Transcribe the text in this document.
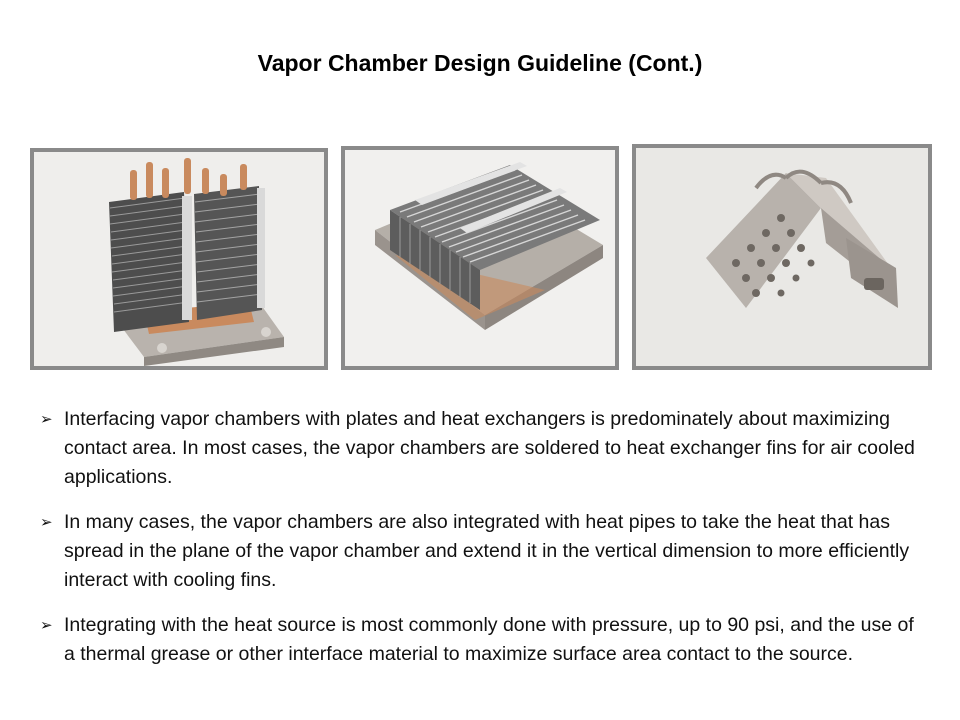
Vapor Chamber Design Guideline (Cont.)
➢ Interfacing vapor chambers with plates and heat exchangers is predominately about maximizing contact area. In most cases, the vapor chambers are soldered to heat exchanger fins for air cooled applications.
➢ In many cases, the vapor chambers are also integrated with heat pipes to take the heat that has spread in the plane of the vapor chamber and extend it in the vertical dimension to more efficiently interact with cooling fins.
➢ Integrating with the heat source is most commonly done with pressure, up to 90 psi, and the use of a thermal grease or other interface material to maximize surface area contact to the source.
